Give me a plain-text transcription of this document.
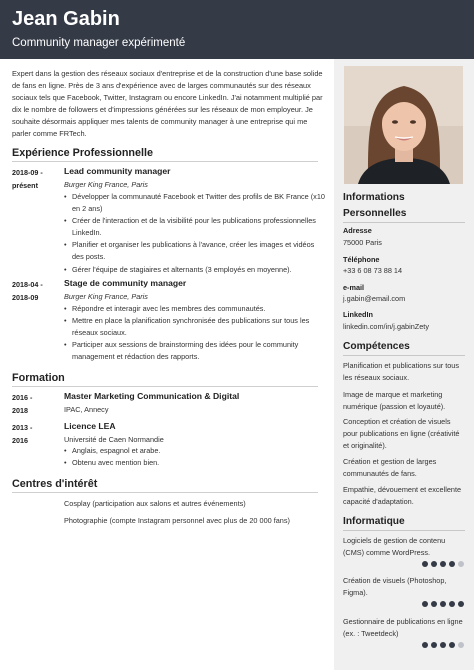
Jean Gabin
Community manager expérimenté
Expert dans la gestion des réseaux sociaux d'entreprise et de la construction d'une base solide de fans en ligne. Près de 3 ans d'expérience avec de larges communautés sur des réseaux sociaux tels que Facebook, Twitter, Instagram ou encore LinkedIn. J'ai notamment multiplié par dix le nombre de followers et d'impressions générées sur les réseaux de mon employeur. Je souhaite désormais appliquer mes talents de community manager à une entreprise qui me parler comme FRTech.
Expérience Professionnelle
2018-09 -
présent
Lead community manager
Burger King France, Paris
• Développer la communauté Facebook et Twitter des profils de BK France (x10 en 2 ans)
• Créer de l'interaction et de la visibilité pour les publications professionnelles LinkedIn.
• Planifier et organiser les publications à l'avance, créer les images et vidéos des posts.
• Gérer l'équipe de stagiaires et alternants (3 employés en moyenne).
2018-04 -
2018-09
Stage de community manager
Burger King France, Paris
• Répondre et interagir avec les membres des communautés.
• Mettre en place la planification synchronisée des publications sur tous les réseaux sociaux.
• Participer aux sessions de brainstorming des idées pour le community management et rédaction des rapports.
Formation
2016 -
2018
Master Marketing Communication & Digital
IPAC, Annecy
2013 -
2016
Licence LEA
Université de Caen Normandie
• Anglais, espagnol et arabe.
• Obtenu avec mention bien.
Centres d'intérêt
Cosplay (participation aux salons et autres événements)
Photographie (compte Instagram personnel avec plus de 20 000 fans)
Informations Personnelles
Adresse
75000 Paris
Téléphone
+33 6 08 73 88 14
e-mail
j.gabin@email.com
LinkedIn
linkedin.com/in/j.gabinZety
Compétences
Planification et publications sur tous les réseaux sociaux.
Image de marque et marketing numérique (passion et loyauté).
Conception et création de visuels pour publications en ligne (créativité et originalité).
Création et gestion de larges communautés de fans.
Empathie, dévouement et excellente capacité d'adaptation.
Informatique
Logiciels de gestion de contenu (CMS) comme WordPress.
Création de visuels (Photoshop, Figma).
Gestionnaire de publications en ligne (ex. : Tweetdeck)
